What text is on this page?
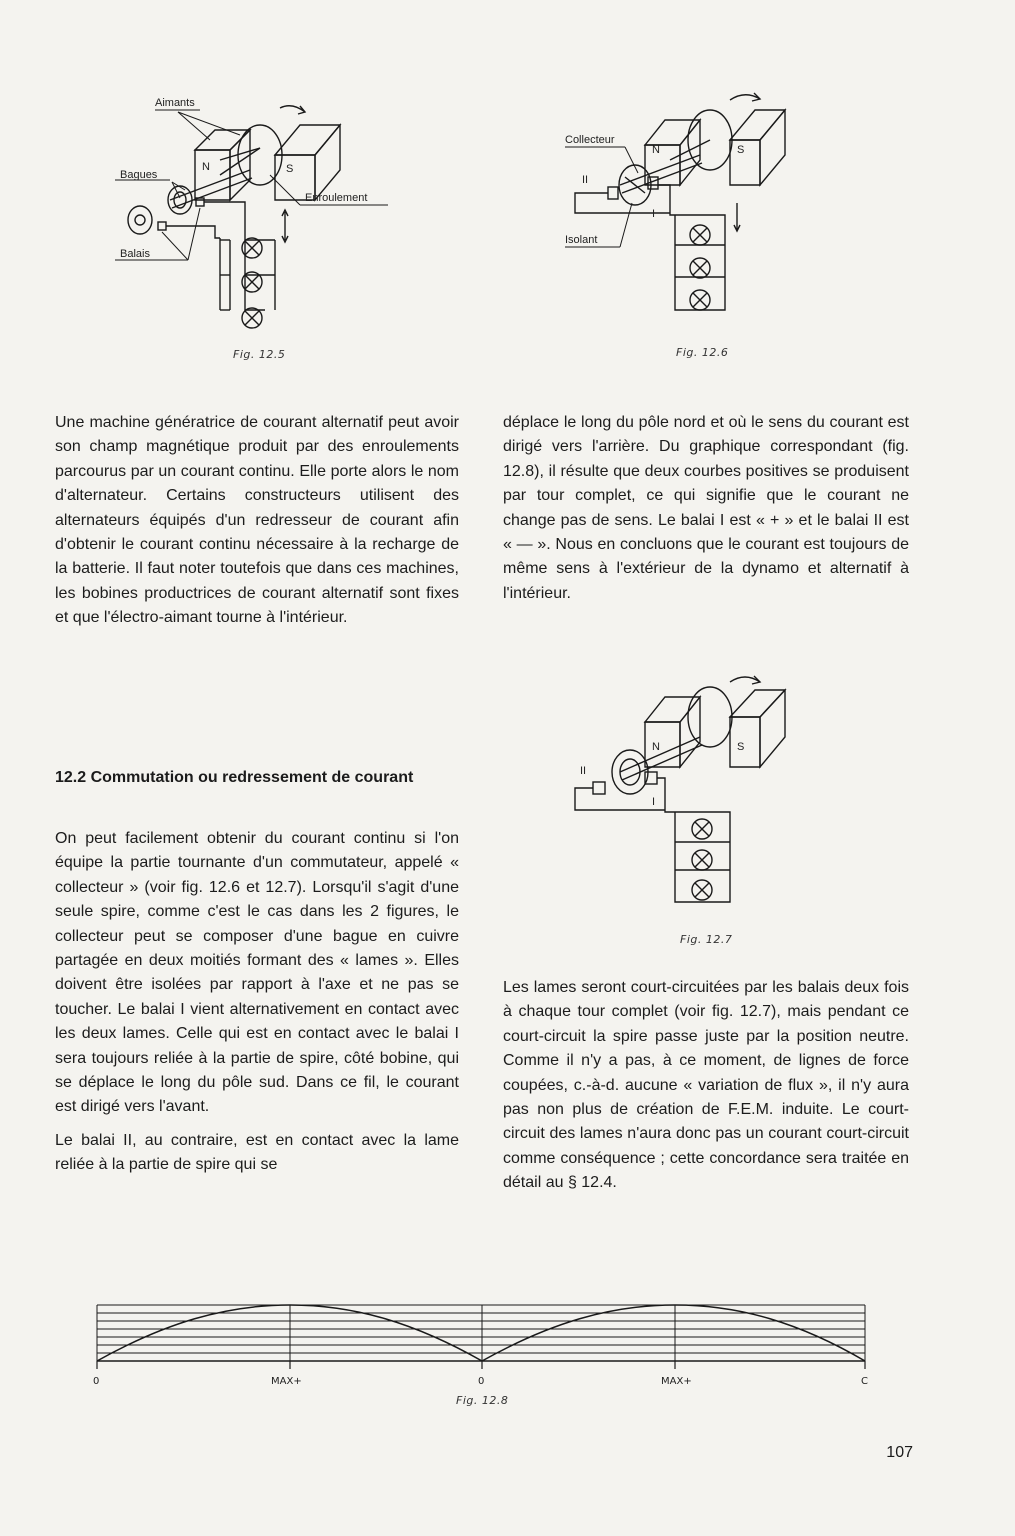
Aimants
Bagues
Enroulement
Balais
N	S
Fig. 12.5
Collecteur
II
I
Isolant
N	S
Fig. 12.6

Une machine génératrice de courant alternatif peut avoir son champ magnétique produit par des enroulements parcourus par un courant continu. Elle porte alors le nom d'alternateur. Certains constructeurs utilisent des alternateurs équipés d'un redresseur de courant afin d'obtenir le courant continu nécessaire à la recharge de la batterie. Il faut noter toutefois que dans ces machines, les bobines productrices de courant alternatif sont fixes et que l'électro-aimant tourne à l'intérieur.

12.2 Commutation ou redressement de courant

On peut facilement obtenir du courant continu si l'on équipe la partie tournante d'un commutateur, appelé « collecteur » (voir fig. 12.6 et 12.7). Lorsqu'il s'agit d'une seule spire, comme c'est le cas dans les 2 figures, le collecteur peut se composer d'une bague en cuivre partagée en deux moitiés formant des « lames ». Elles doivent être isolées par rapport à l'axe et ne pas se toucher. Le balai I vient alternativement en contact avec les deux lames. Celle qui est en contact avec le balai I sera toujours reliée à la partie de spire, côté bobine, qui se déplace le long du pôle sud. Dans ce fil, le courant est dirigé vers l'avant.

Le balai II, au contraire, est en contact avec la lame reliée à la partie de spire qui se

déplace le long du pôle nord et où le sens du courant est dirigé vers l'arrière. Du graphique correspondant (fig. 12.8), il résulte que deux courbes positives se produisent par tour complet, ce qui signifie que le courant ne change pas de sens. Le balai I est « + » et le balai II est « — ». Nous en concluons que le courant est toujours de même sens à l'extérieur de la dynamo et alternatif à l'intérieur.

II
I
N	S
Fig. 12.7

Les lames seront court-circuitées par les balais deux fois à chaque tour complet (voir fig. 12.7), mais pendant ce court-circuit la spire passe juste par la position neutre. Comme il n'y a pas, à ce moment, de lignes de force coupées, c.-à-d. aucune « variation de flux », il n'y aura pas non plus de création de F.E.M. induite. Le court-circuit des lames n'aura donc pas un courant court-circuit comme conséquence ; cette concordance sera traitée en détail au § 12.4.

0	MAX+	0	MAX+	C
Fig. 12.8
107
